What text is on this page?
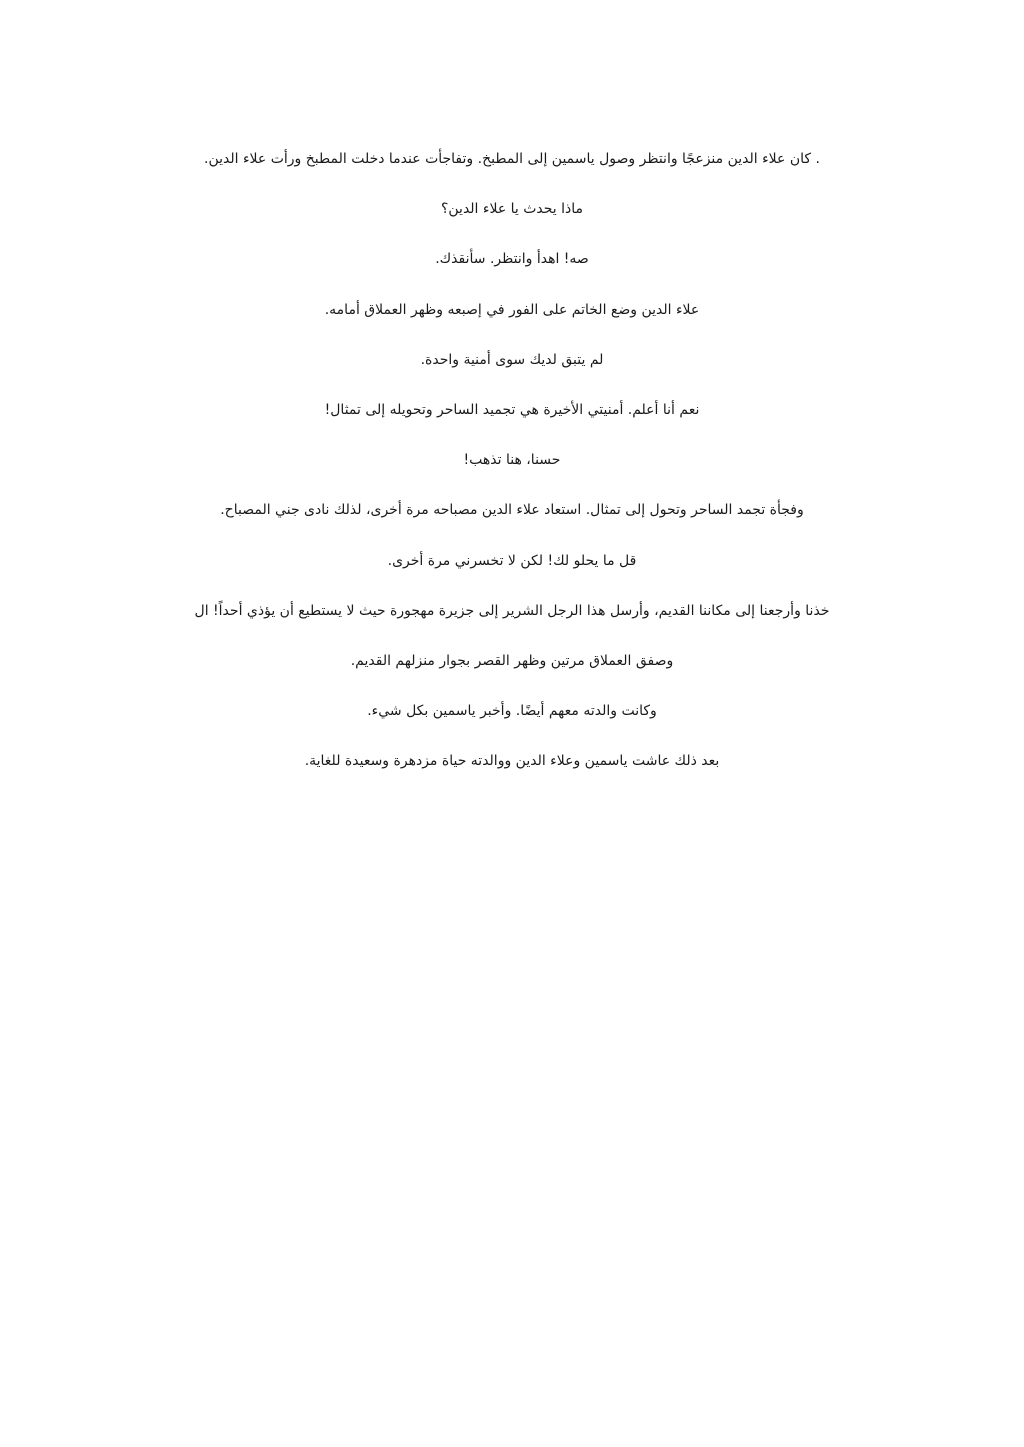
. كان علاء الدين منزعجًا وانتظر وصول ياسمين إلى المطبخ. وتفاجأت عندما دخلت المطبخ ورأت علاء الدين.
ماذا يحدث يا علاء الدين؟
صه! اهدأ وانتظر. سأنقذك.
علاء الدين وضع الخاتم على الفور في إصبعه وظهر العملاق أمامه.
لم يتبق لديك سوى أمنية واحدة.
نعم أنا أعلم. أمنيتي الأخيرة هي تجميد الساحر وتحويله إلى تمثال!
حسنا، هنا تذهب!
وفجأة تجمد الساحر وتحول إلى تمثال. استعاد علاء الدين مصباحه مرة أخرى، لذلك نادى جني المصباح.
قل ما يحلو لك! لكن لا تخسرني مرة أخرى.
خذنا وأرجعنا إلى مكاننا القديم، وأرسل هذا الرجل الشرير إلى جزيرة مهجورة حيث لا يستطيع أن يؤذي أحداً! ال
وصفق العملاق مرتين وظهر القصر بجوار منزلهم القديم.
وكانت والدته معهم أيضًا. وأخبر ياسمين بكل شيء.
بعد ذلك عاشت ياسمين وعلاء الدين ووالدته حياة مزدهرة وسعيدة للغاية.
